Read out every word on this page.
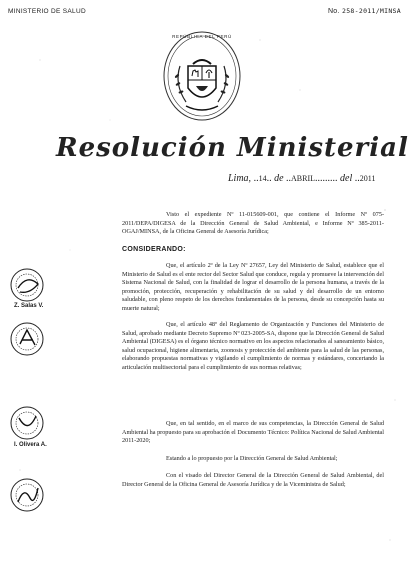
MINISTERIO DE SALUD	No. 258-2011/MINSA
REPÚBLICA DEL PERÚ
Resolución Ministerial
Lima, ..14.. de ..ABRIL......... del ..2011
Visto el expediente Nº 11-015609-001, que contiene el Informe Nº 075-2011/DEPA/DIGESA de la Dirección General de Salud Ambiental, e Informe Nº 385-2011-OGAJ/MINSA, de la Oficina General de Asesoría Jurídica;
CONSIDERANDO:
Que, el artículo 2º de la Ley Nº 27657, Ley del Ministerio de Salud, establece que el Ministerio de Salud es el ente rector del Sector Salud que conduce, regula y promueve la intervención del Sistema Nacional de Salud, con la finalidad de lograr el desarrollo de la persona humana, a través de la promoción, protección, recuperación y rehabilitación de su salud y del desarrollo de un entorno saludable, con pleno respeto de los derechos fundamentales de la persona, desde su concepción hasta su muerte natural;
Que, el artículo 48º del Reglamento de Organización y Funciones del Ministerio de Salud, aprobado mediante Decreto Supremo Nº 023-2005-SA, dispone que la Dirección General de Salud Ambiental (DIGESA) es el órgano técnico normativo en los aspectos relacionados al saneamiento básico, salud ocupacional, higiene alimentaria, zoonosis y protección del ambiente para la salud de las personas, elaborando propuestas normativas y vigilando el cumplimiento de normas y estándares, concertando la articulación multisectorial para el cumplimiento de sus normas relativas;
Que, en tal sentido, en el marco de sus competencias, la Dirección General de Salud Ambiental ha propuesto para su aprobación el Documento Técnico: Política Nacional de Salud Ambiental 2011-2020;
Estando a lo propuesto por la Dirección General de Salud Ambiental;
Con el visado del Director General de la Dirección General de Salud Ambiental, del Director General de la Oficina General de Asesoría Jurídica y de la Viceministra de Salud;
Z. Salas V.
I. Olivera A.
